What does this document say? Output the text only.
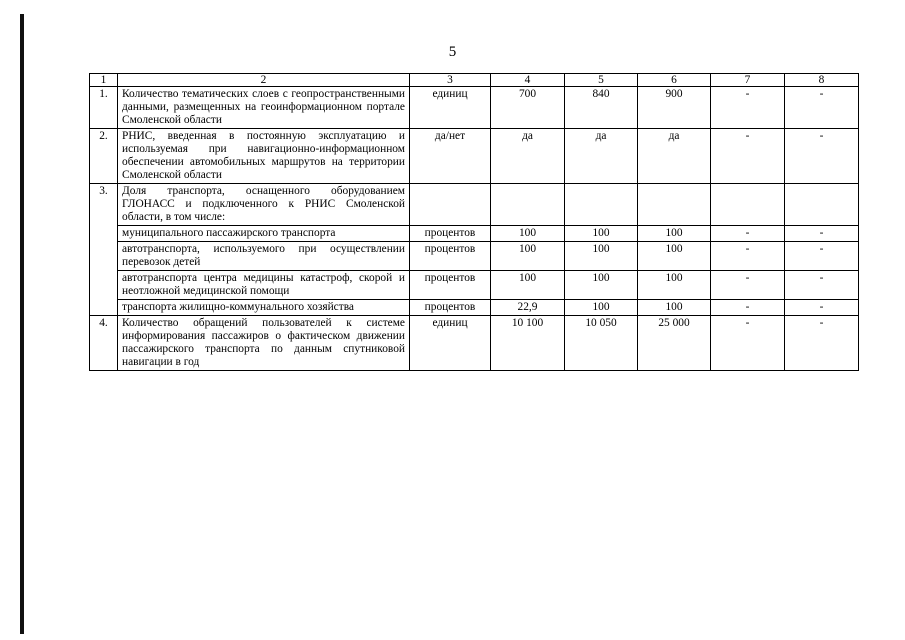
5
1	2	3	4	5	6	7	8
1.	Количество тематических слоев с геопространственными данными, размещенных на геоинформационном портале Смоленской области	единиц	700	840	900	-	-
2.	РНИС, введенная в постоянную эксплуатацию и используемая при навигационно-информационном обеспечении автомобильных маршрутов на территории Смоленской области	да/нет	да	да	да	-	-
3.	Доля транспорта, оснащенного оборудованием ГЛОНАСС и подключенного к РНИС Смоленской области, в том числе:						
	муниципального пассажирского транспорта	процентов	100	100	100	-	-
	автотранспорта, используемого при осуществлении перевозок детей	процентов	100	100	100	-	-
	автотранспорта центра медицины катастроф, скорой и неотложной медицинской помощи	процентов	100	100	100	-	-
	транспорта жилищно-коммунального хозяйства	процентов	22,9	100	100	-	-
4.	Количество обращений пользователей к системе информирования пассажиров о фактическом движении пассажирского транспорта по данным спутниковой навигации в год	единиц	10 100	10 050	25 000	-	-
